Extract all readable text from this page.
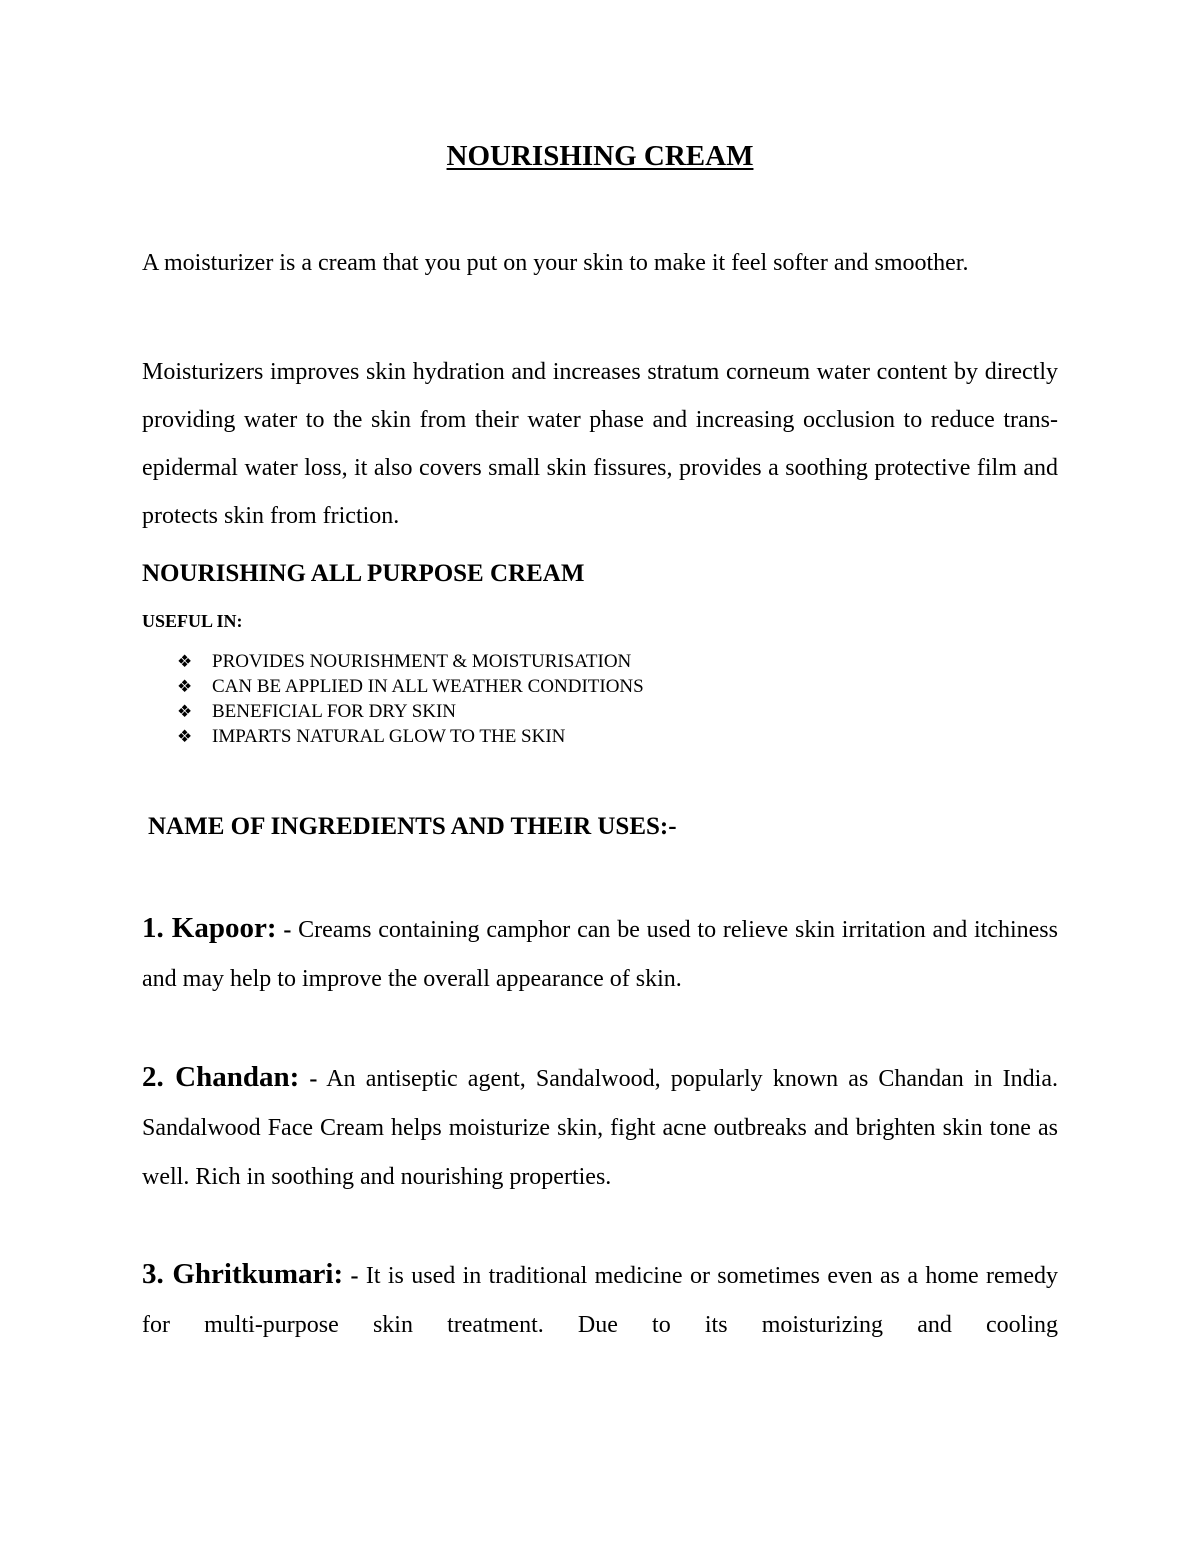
NOURISHING CREAM

A moisturizer is a cream that you put on your skin to make it feel softer and smoother.

Moisturizers improves skin hydration and increases stratum corneum water content by directly providing water to the skin from their water phase and increasing occlusion to reduce trans-epidermal water loss, it also covers small skin fissures, provides a soothing protective film and protects skin from friction.

NOURISHING ALL PURPOSE CREAM

USEFUL IN:

❖	PROVIDES NOURISHMENT & MOISTURISATION
❖	CAN BE APPLIED IN ALL WEATHER CONDITIONS
❖	BENEFICIAL FOR DRY SKIN
❖	IMPARTS NATURAL GLOW TO THE SKIN
NAME OF INGREDIENTS AND THEIR USES:-

1. Kapoor: - Creams containing camphor can be used to relieve skin irritation and itchiness and may help to improve the overall appearance of skin.

2. Chandan: - An antiseptic agent, Sandalwood, popularly known as Chandan in India. Sandalwood Face Cream helps moisturize skin, fight acne outbreaks and brighten skin tone as well. Rich in soothing and nourishing properties.

3. Ghritkumari: - It is used in traditional medicine or sometimes even as a home remedy for multi-purpose skin treatment. Due to its moisturizing and cooling
